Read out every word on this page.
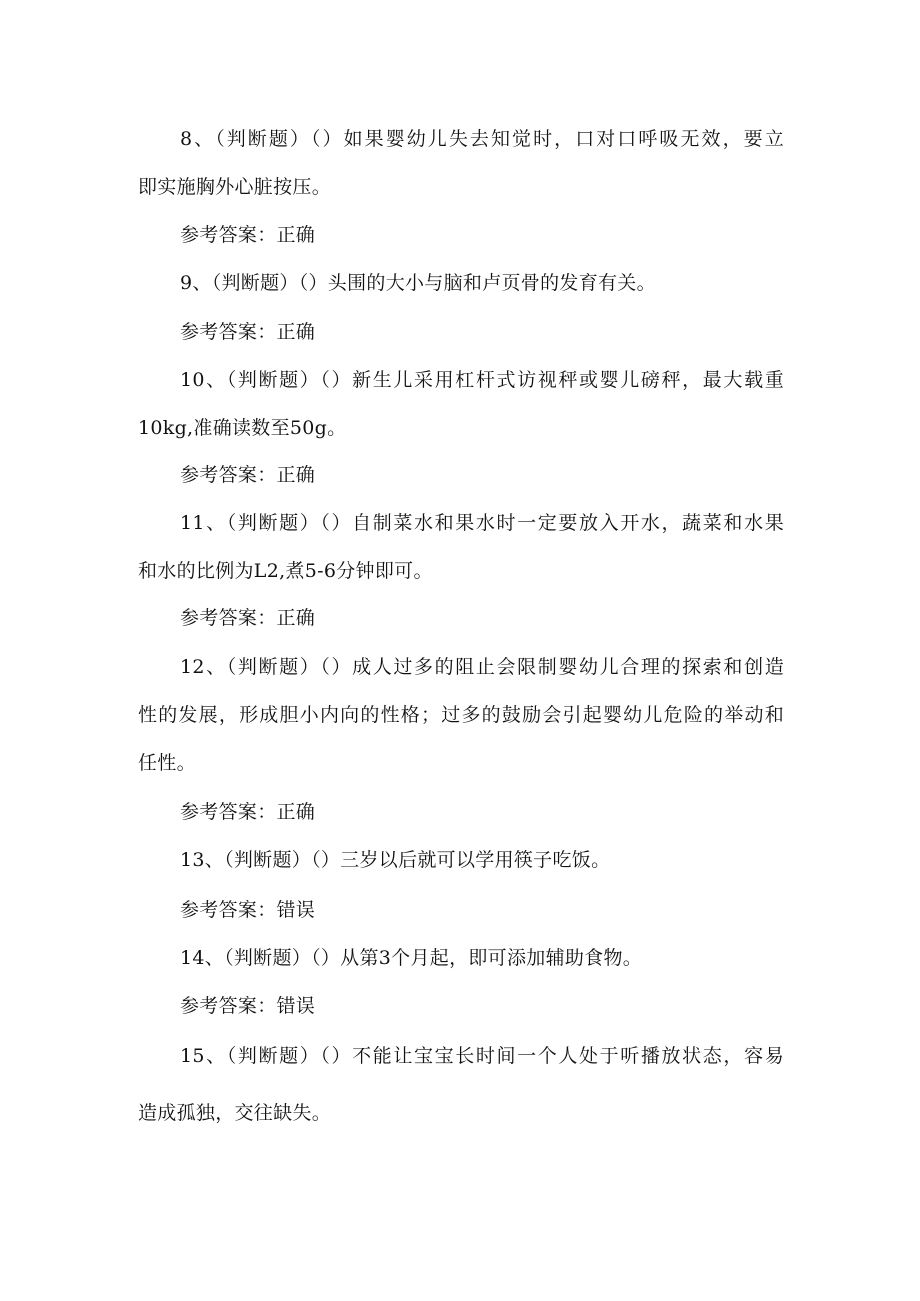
8、（判断题）（）如果婴幼儿失去知觉时，口对口呼吸无效，要立
即实施胸外心脏按压。
参考答案：正确
9、（判断题）（）头围的大小与脑和卢页骨的发育有关。
参考答案：正确
10、（判断题）（）新生儿采用杠杆式访视秤或婴儿磅秤，最大载重
10kg,准确读数至50g。
参考答案：正确
11、（判断题）（）自制菜水和果水时一定要放入开水，蔬菜和水果
和水的比例为L2,煮5-6分钟即可。
参考答案：正确
12、（判断题）（）成人过多的阻止会限制婴幼儿合理的探索和创造
性的发展，形成胆小内向的性格；过多的鼓励会引起婴幼儿危险的举动和
任性。
参考答案：正确
13、（判断题）（）三岁以后就可以学用筷子吃饭。
参考答案：错误
14、（判断题）（）从第3个月起，即可添加辅助食物。
参考答案：错误
15、（判断题）（）不能让宝宝长时间一个人处于听播放状态，容易
造成孤独，交往缺失。
